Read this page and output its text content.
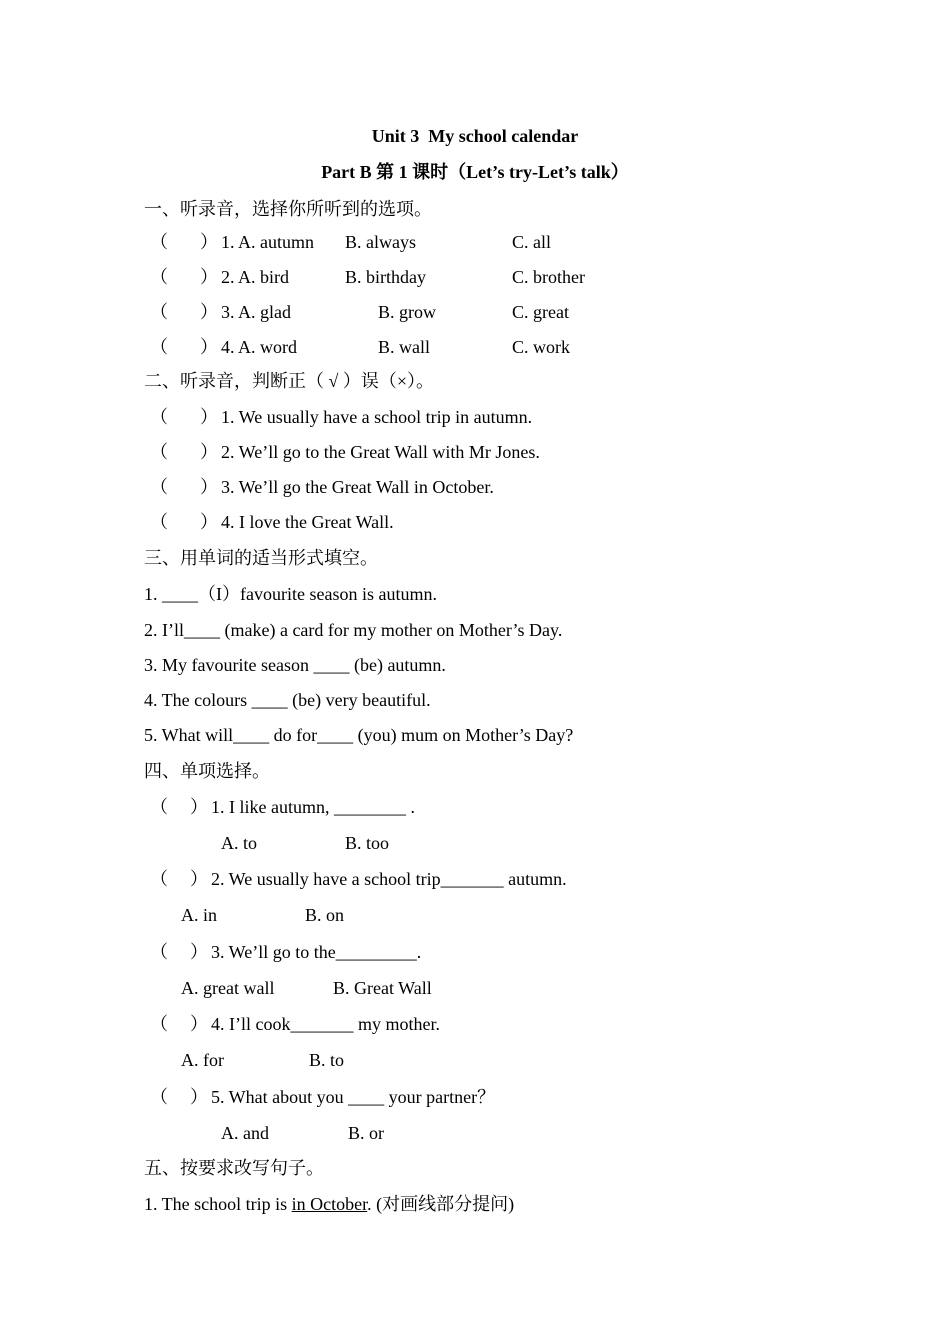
Unit 3  My school calendar
Part B 第 1 课时（Let’s try-Let’s talk）
一、听录音，选择你所听到的选项。
（ ） 1. A. autumn B. always	C. all
（ ） 2. A. bird	B. birthday	C. brother
（ ） 3. A. glad	B. grow	C. great
（ ） 4. A. word	B. wall	C. work
二、听录音，判断正（ √ ）误（×）。
（ ） 1. We usually have a school trip in autumn.
（ ） 2. We’ll go to the Great Wall with Mr Jones.
（ ） 3. We’ll go the Great Wall in October.
（ ） 4. I love the Great Wall.
三、用单词的适当形式填空。
1. ____（I）favourite season is autumn.
2. I’ll____ (make) a card for my mother on Mother’s Day.
3. My favourite season ____ (be) autumn.
4. The colours ____ (be) very beautiful.
5. What will____ do for____ (you) mum on Mother’s Day?
四、单项选择。
（ ） 1. I like autumn, ________ .
A. to	B. too
（ ） 2. We usually have a school trip_______ autumn.
A. in	B. on
（ ） 3. We’ll go to the_________.
A. great wall	B. Great Wall
（ ） 4. I’ll cook_______ my mother.
A. for	B. to
（ ） 5. What about you ____ your partner？
A. and	B. or
五、按要求改写句子。
1. The school trip is in October. (对画线部分提问)
